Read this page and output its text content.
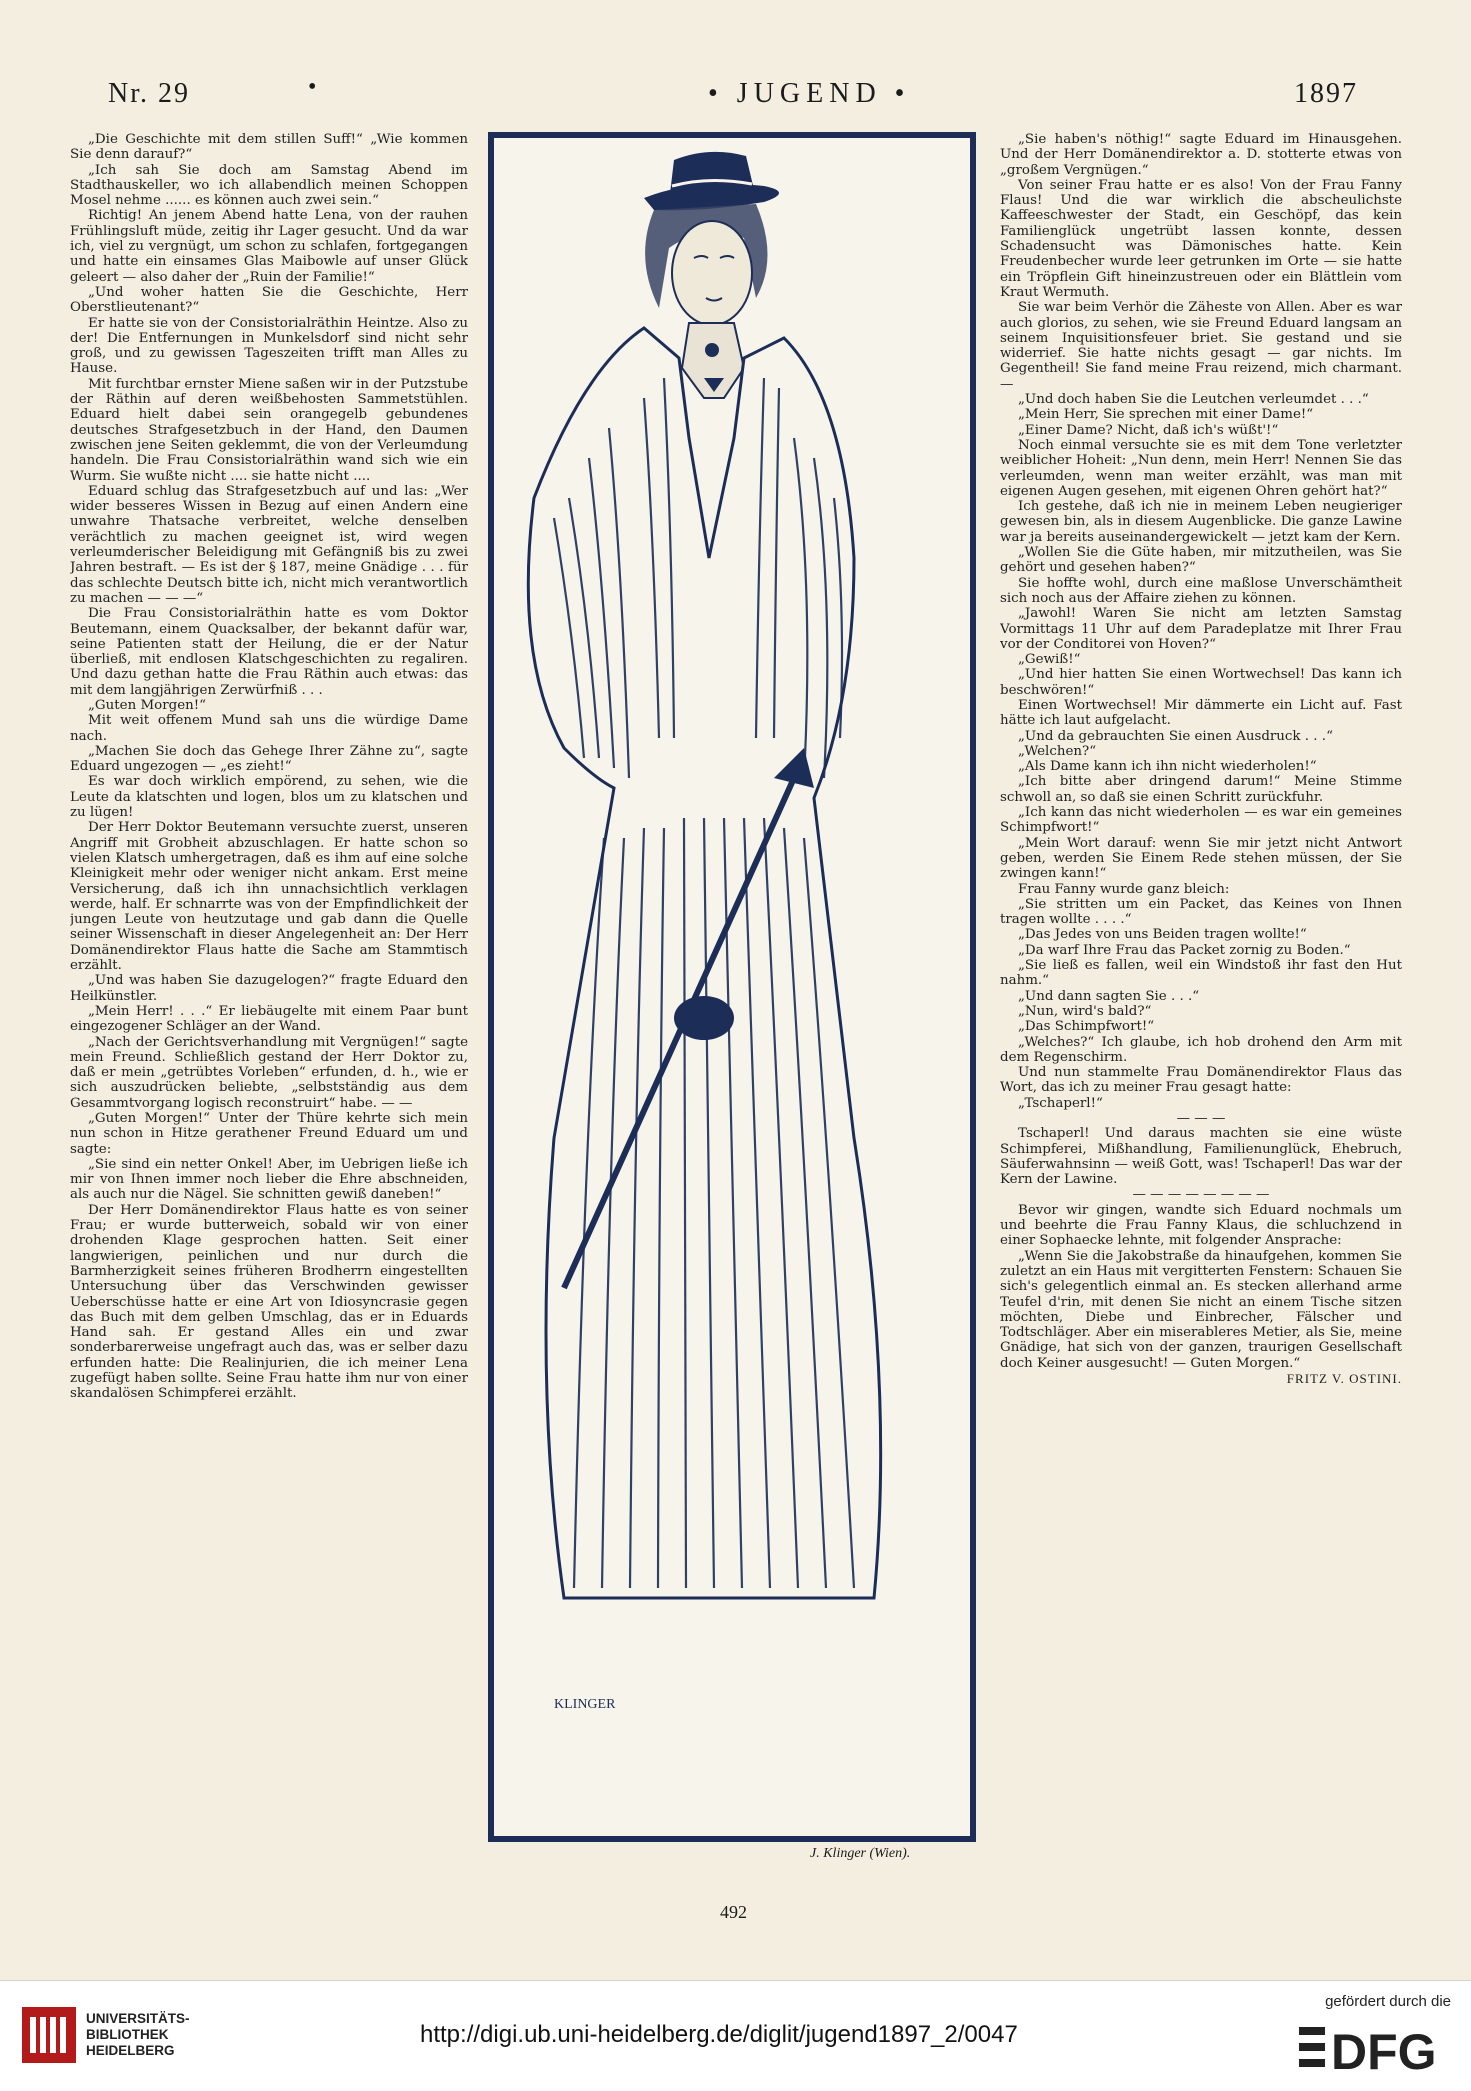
Nr. 29	•	• JUGEND •	1897

„Die Geschichte mit dem stillen Suff!“ „Wie kommen Sie denn darauf?“

„Ich sah Sie doch am Samstag Abend im Stadthauskeller, wo ich allabendlich meinen Schoppen Mosel nehme ...... es können auch zwei sein.“

Richtig! An jenem Abend hatte Lena, von der rauhen Frühlingsluft müde, zeitig ihr Lager gesucht. Und da war ich, viel zu vergnügt, um schon zu schlafen, fortgegangen und hatte ein einsames Glas Maibowle auf unser Glück geleert — also daher der „Ruin der Familie!“

„Und woher hatten Sie die Geschichte, Herr Oberstlieutenant?“

Er hatte sie von der Consistorialräthin Heintze. Also zu der! Die Entfernungen in Munkelsdorf sind nicht sehr groß, und zu gewissen Tageszeiten trifft man Alles zu Hause.

Mit furchtbar ernster Miene saßen wir in der Putzstube der Räthin auf deren weißbehosten Sammetstühlen. Eduard hielt dabei sein orangegelb gebundenes deutsches Strafgesetzbuch in der Hand, den Daumen zwischen jene Seiten geklemmt, die von der Verleumdung handeln. Die Frau Consistorialräthin wand sich wie ein Wurm. Sie wußte nicht .... sie hatte nicht ....

Eduard schlug das Strafgesetzbuch auf und las: „Wer wider besseres Wissen in Bezug auf einen Andern eine unwahre Thatsache verbreitet, welche denselben verächtlich zu machen geeignet ist, wird wegen verleumderischer Beleidigung mit Gefängniß bis zu zwei Jahren bestraft. — Es ist der § 187, meine Gnädige . . . für das schlechte Deutsch bitte ich, nicht mich verantwortlich zu machen — — —“

Die Frau Consistorialräthin hatte es vom Doktor Beutemann, einem Quacksalber, der bekannt dafür war, seine Patienten statt der Heilung, die er der Natur überließ, mit endlosen Klatschgeschichten zu regaliren. Und dazu gethan hatte die Frau Räthin auch etwas: das mit dem langjährigen Zerwürfniß . . .

„Guten Morgen!“

Mit weit offenem Mund sah uns die würdige Dame nach.

„Machen Sie doch das Gehege Ihrer Zähne zu“, sagte Eduard ungezogen — „es zieht!“

Es war doch wirklich empörend, zu sehen, wie die Leute da klatschten und logen, blos um zu klatschen und zu lügen!

Der Herr Doktor Beutemann versuchte zuerst, unseren Angriff mit Grobheit abzuschlagen. Er hatte schon so vielen Klatsch umhergetragen, daß es ihm auf eine solche Kleinigkeit mehr oder weniger nicht ankam. Erst meine Versicherung, daß ich ihn unnachsichtlich verklagen werde, half. Er schnarrte was von der Empfindlichkeit der jungen Leute von heutzutage und gab dann die Quelle seiner Wissenschaft in dieser Angelegenheit an: Der Herr Domänendirektor Flaus hatte die Sache am Stammtisch erzählt.

„Und was haben Sie dazugelogen?“ fragte Eduard den Heilkünstler.

„Mein Herr! . . .“ Er liebäugelte mit einem Paar bunt eingezogener Schläger an der Wand.

„Nach der Gerichtsverhandlung mit Vergnügen!“ sagte mein Freund. Schließlich gestand der Herr Doktor zu, daß er mein „getrübtes Vorleben“ erfunden, d. h., wie er sich auszudrücken beliebte, „selbstständig aus dem Gesammtvorgang logisch reconstruirt“ habe. — —

„Guten Morgen!“ Unter der Thüre kehrte sich mein nun schon in Hitze gerathener Freund Eduard um und sagte:

„Sie sind ein netter Onkel! Aber, im Uebrigen ließe ich mir von Ihnen immer noch lieber die Ehre abschneiden, als auch nur die Nägel. Sie schnitten gewiß daneben!“

Der Herr Domänendirektor Flaus hatte es von seiner Frau; er wurde butterweich, sobald wir von einer drohenden Klage gesprochen hatten. Seit einer langwierigen, peinlichen und nur durch die Barmherzigkeit seines früheren Brodherrn eingestellten Untersuchung über das Verschwinden gewisser Ueberschüsse hatte er eine Art von Idiosyncrasie gegen das Buch mit dem gelben Umschlag, das er in Eduards Hand sah. Er gestand Alles ein und zwar sonderbarerweise ungefragt auch das, was er selber dazu erfunden hatte: Die Realinjurien, die ich meiner Lena zugefügt haben sollte. Seine Frau hatte ihm nur von einer skandalösen Schimpferei erzählt.

KLINGER

„Sie haben's nöthig!“ sagte Eduard im Hinausgehen. Und der Herr Domänendirektor a. D. stotterte etwas von „großem Vergnügen.“

Von seiner Frau hatte er es also! Von der Frau Fanny Flaus! Und die war wirklich die abscheulichste Kaffeeschwester der Stadt, ein Geschöpf, das kein Familienglück ungetrübt lassen konnte, dessen Schadensucht was Dämonisches hatte. Kein Freudenbecher wurde leer getrunken im Orte — sie hatte ein Tröpflein Gift hineinzustreuen oder ein Blättlein vom Kraut Wermuth.

Sie war beim Verhör die Zäheste von Allen. Aber es war auch glorios, zu sehen, wie sie Freund Eduard langsam an seinem Inquisitionsfeuer briet. Sie gestand und sie widerrief. Sie hatte nichts gesagt — gar nichts. Im Gegentheil! Sie fand meine Frau reizend, mich charmant. —

„Und doch haben Sie die Leutchen verleumdet . . .“

„Mein Herr, Sie sprechen mit einer Dame!“

„Einer Dame? Nicht, daß ich's wüßt'!“

Noch einmal versuchte sie es mit dem Tone verletzter weiblicher Hoheit: „Nun denn, mein Herr! Nennen Sie das verleumden, wenn man weiter erzählt, was man mit eigenen Augen gesehen, mit eigenen Ohren gehört hat?“

Ich gestehe, daß ich nie in meinem Leben neugieriger gewesen bin, als in diesem Augenblicke. Die ganze Lawine war ja bereits auseinandergewickelt — jetzt kam der Kern.

„Wollen Sie die Güte haben, mir mitzutheilen, was Sie gehört und gesehen haben?“

Sie hoffte wohl, durch eine maßlose Unverschämtheit sich noch aus der Affaire ziehen zu können.

„Jawohl! Waren Sie nicht am letzten Samstag Vormittags 11 Uhr auf dem Paradeplatze mit Ihrer Frau vor der Conditorei von Hoven?“

„Gewiß!“

„Und hier hatten Sie einen Wortwechsel! Das kann ich beschwören!“

Einen Wortwechsel! Mir dämmerte ein Licht auf. Fast hätte ich laut aufgelacht.

„Und da gebrauchten Sie einen Ausdruck . . .“

„Welchen?“

„Als Dame kann ich ihn nicht wiederholen!“

„Ich bitte aber dringend darum!“ Meine Stimme schwoll an, so daß sie einen Schritt zurückfuhr.

„Ich kann das nicht wiederholen — es war ein gemeines Schimpfwort!“

„Mein Wort darauf: wenn Sie mir jetzt nicht Antwort geben, werden Sie Einem Rede stehen müssen, der Sie zwingen kann!“

Frau Fanny wurde ganz bleich:

„Sie stritten um ein Packet, das Keines von Ihnen tragen wollte . . . .“

„Das Jedes von uns Beiden tragen wollte!“

„Da warf Ihre Frau das Packet zornig zu Boden.“

„Sie ließ es fallen, weil ein Windstoß ihr fast den Hut nahm.“

„Und dann sagten Sie . . .“

„Nun, wird's bald?“

„Das Schimpfwort!“

„Welches?“ Ich glaube, ich hob drohend den Arm mit dem Regenschirm.

Und nun stammelte Frau Domänendirektor Flaus das Wort, das ich zu meiner Frau gesagt hatte:

„Tschaperl!“

— — —

Tschaperl! Und daraus machten sie eine wüste Schimpferei, Mißhandlung, Familienunglück, Ehebruch, Säuferwahnsinn — weiß Gott, was! Tschaperl! Das war der Kern der Lawine.

— — — — — — — —

Bevor wir gingen, wandte sich Eduard nochmals um und beehrte die Frau Fanny Klaus, die schluchzend in einer Sophaecke lehnte, mit folgender Ansprache:

„Wenn Sie die Jakobstraße da hinaufgehen, kommen Sie zuletzt an ein Haus mit vergitterten Fenstern: Schauen Sie sich's gelegentlich einmal an. Es stecken allerhand arme Teufel d'rin, mit denen Sie nicht an einem Tische sitzen möchten, Diebe und Einbrecher, Fälscher und Todtschläger. Aber ein miserableres Metier, als Sie, meine Gnädige, hat sich von der ganzen, traurigen Gesellschaft doch Keiner ausgesucht! — Guten Morgen.“

FRITZ V. OSTINI.

J. Klinger (Wien).
492
UNIVERSITÄTS-
BIBLIOTHEK
HEIDELBERG
http://digi.ub.uni-heidelberg.de/diglit/jugend1897_2/0047
gefördert durch die
DFG
